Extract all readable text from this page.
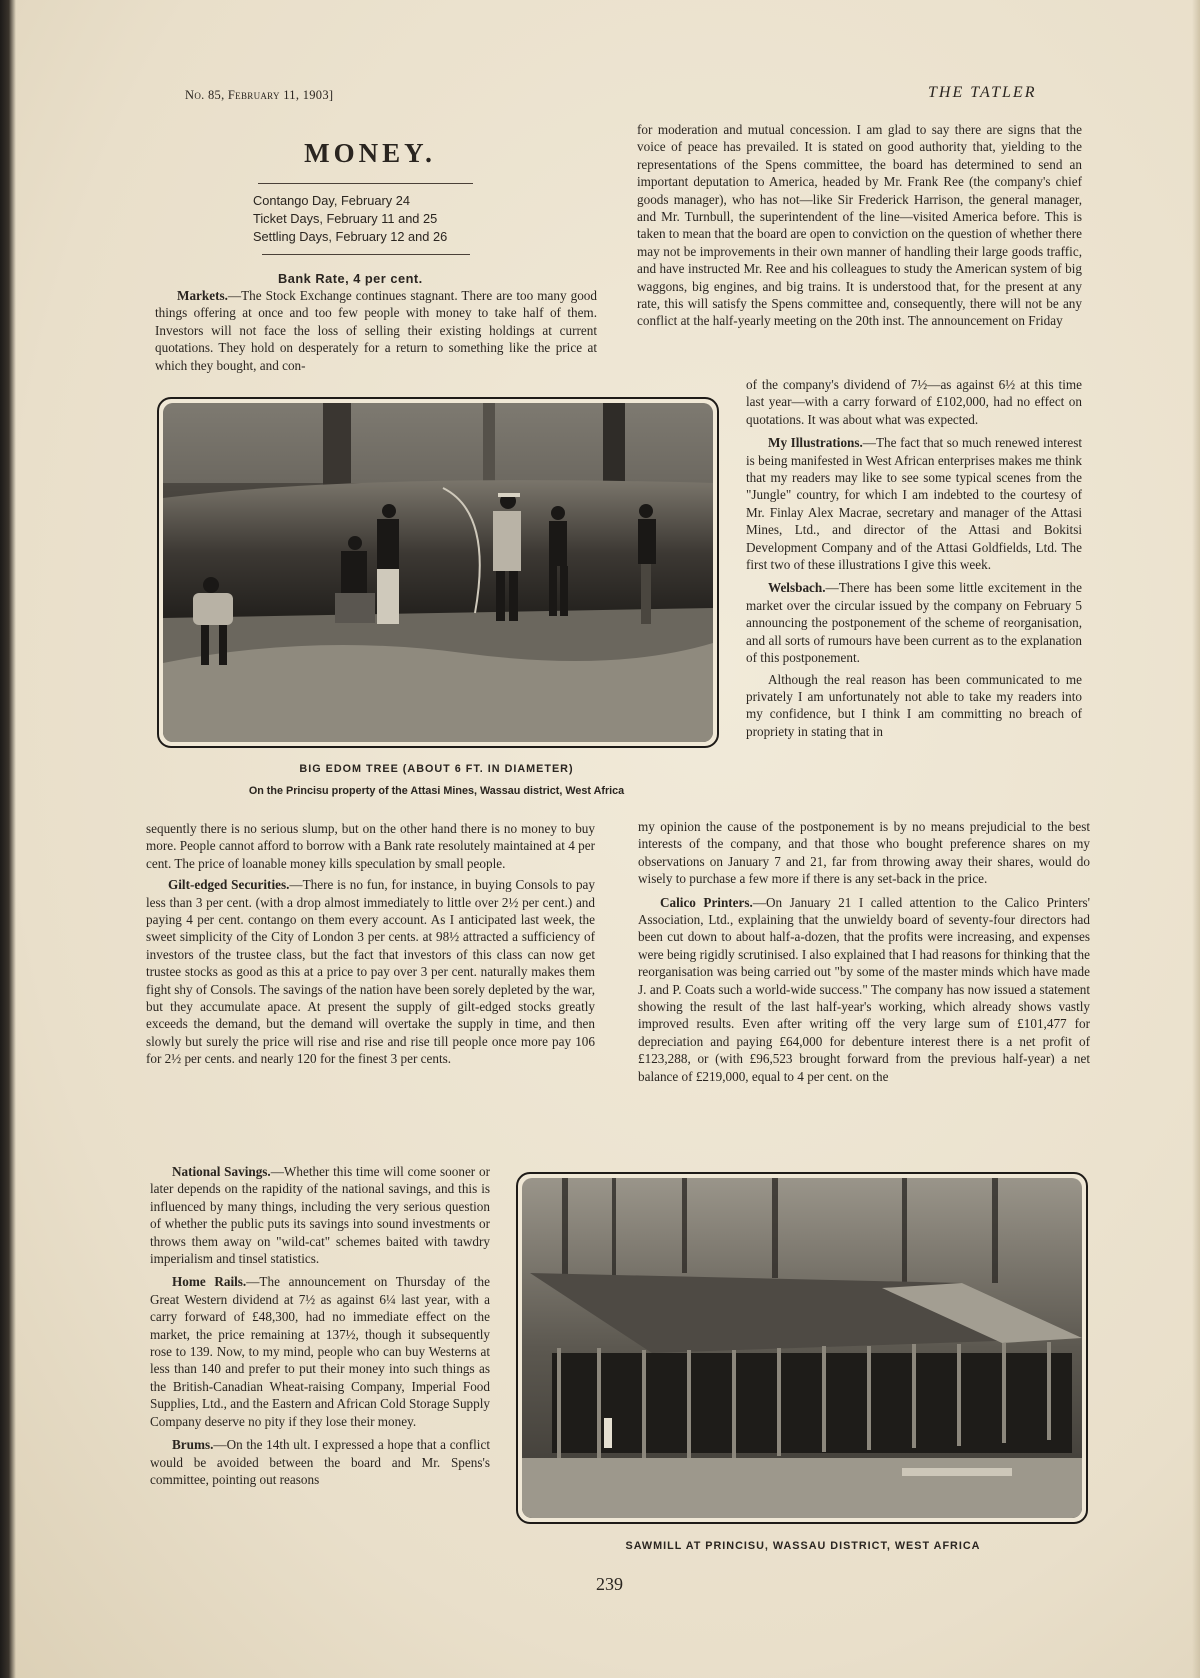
No. 85, February 11, 1903]	THE TATLER
MONEY.
Contango Day, February 24
Ticket Days, February 11 and 25
Settling Days, February 12 and 26
Bank Rate, 4 per cent.

Markets.—The Stock Exchange continues stagnant. There are too many good things offering at once and too few people with money to take half of them. Investors will not face the loss of selling their existing holdings at current quotations. They hold on desperately for a return to something like the price at which they bought, and con-

BIG EDOM TREE (ABOUT 6 FT. IN DIAMETER)
On the Princisu property of the Attasi Mines, Wassau district, West Africa

sequently there is no serious slump, but on the other hand there is no money to buy more. People cannot afford to borrow with a Bank rate resolutely maintained at 4 per cent. The price of loanable money kills speculation by small people.

Gilt-edged Securities.—There is no fun, for instance, in buying Consols to pay less than 3 per cent. (with a drop almost immediately to little over 2½ per cent.) and paying 4 per cent. contango on them every account. As I anticipated last week, the sweet simplicity of the City of London 3 per cents. at 98½ attracted a sufficiency of investors of the trustee class, but the fact that investors of this class can now get trustee stocks as good as this at a price to pay over 3 per cent. naturally makes them fight shy of Consols. The savings of the nation have been sorely depleted by the war, but they accumulate apace. At present the supply of gilt-edged stocks greatly exceeds the demand, but the demand will overtake the supply in time, and then slowly but surely the price will rise and rise and rise till people once more pay 106 for 2½ per cents. and nearly 120 for the finest 3 per cents.

National Savings.—Whether this time will come sooner or later depends on the rapidity of the national savings, and this is influenced by many things, including the very serious question of whether the public puts its savings into sound investments or throws them away on "wild-cat" schemes baited with tawdry imperialism and tinsel statistics.

Home Rails.—The announcement on Thursday of the Great Western dividend at 7½ as against 6¼ last year, with a carry forward of £48,300, had no immediate effect on the market, the price remaining at 137½, though it subsequently rose to 139. Now, to my mind, people who can buy Westerns at less than 140 and prefer to put their money into such things as the British-Canadian Wheat-raising Company, Imperial Food Supplies, Ltd., and the Eastern and African Cold Storage Supply Company deserve no pity if they lose their money.

Brums.—On the 14th ult. I expressed a hope that a conflict would be avoided between the board and Mr. Spens's committee, pointing out reasons

for moderation and mutual concession. I am glad to say there are signs that the voice of peace has prevailed. It is stated on good authority that, yielding to the representations of the Spens committee, the board has determined to send an important deputation to America, headed by Mr. Frank Ree (the company's chief goods manager), who has not—like Sir Frederick Harrison, the general manager, and Mr. Turnbull, the superintendent of the line—visited America before. This is taken to mean that the board are open to conviction on the question of whether there may not be improvements in their own manner of handling their large goods traffic, and have instructed Mr. Ree and his colleagues to study the American system of big waggons, big engines, and big trains. It is understood that, for the present at any rate, this will satisfy the Spens committee and, consequently, there will not be any conflict at the half-yearly meeting on the 20th inst. The announcement on Friday

of the company's dividend of 7½—as against 6½ at this time last year—with a carry forward of £102,000, had no effect on quotations. It was about what was expected.

My Illustrations.—The fact that so much renewed interest is being manifested in West African enterprises makes me think that my readers may like to see some typical scenes from the "Jungle" country, for which I am indebted to the courtesy of Mr. Finlay Alex Macrae, secretary and manager of the Attasi Mines, Ltd., and director of the Attasi and Bokitsi Development Company and of the Attasi Goldfields, Ltd. The first two of these illustrations I give this week.

Welsbach.—There has been some little excitement in the market over the circular issued by the company on February 5 announcing the postponement of the scheme of reorganisation, and all sorts of rumours have been current as to the explanation of this postponement.

Although the real reason has been communicated to me privately I am unfortunately not able to take my readers into my confidence, but I think I am committing no breach of propriety in stating that in

my opinion the cause of the postponement is by no means prejudicial to the best interests of the company, and that those who bought preference shares on my observations on January 7 and 21, far from throwing away their shares, would do wisely to purchase a few more if there is any set-back in the price.

Calico Printers.—On January 21 I called attention to the Calico Printers' Association, Ltd., explaining that the unwieldy board of seventy-four directors had been cut down to about half-a-dozen, that the profits were increasing, and expenses were being rigidly scrutinised. I also explained that I had reasons for thinking that the reorganisation was being carried out "by some of the master minds which have made J. and P. Coats such a world-wide success." The company has now issued a statement showing the result of the last half-year's working, which already shows vastly improved results. Even after writing off the very large sum of £101,477 for depreciation and paying £64,000 for debenture interest there is a net profit of £123,288, or (with £96,523 brought forward from the previous half-year) a net balance of £219,000, equal to 4 per cent. on the

SAWMILL AT PRINCISU, WASSAU DISTRICT, WEST AFRICA
239
